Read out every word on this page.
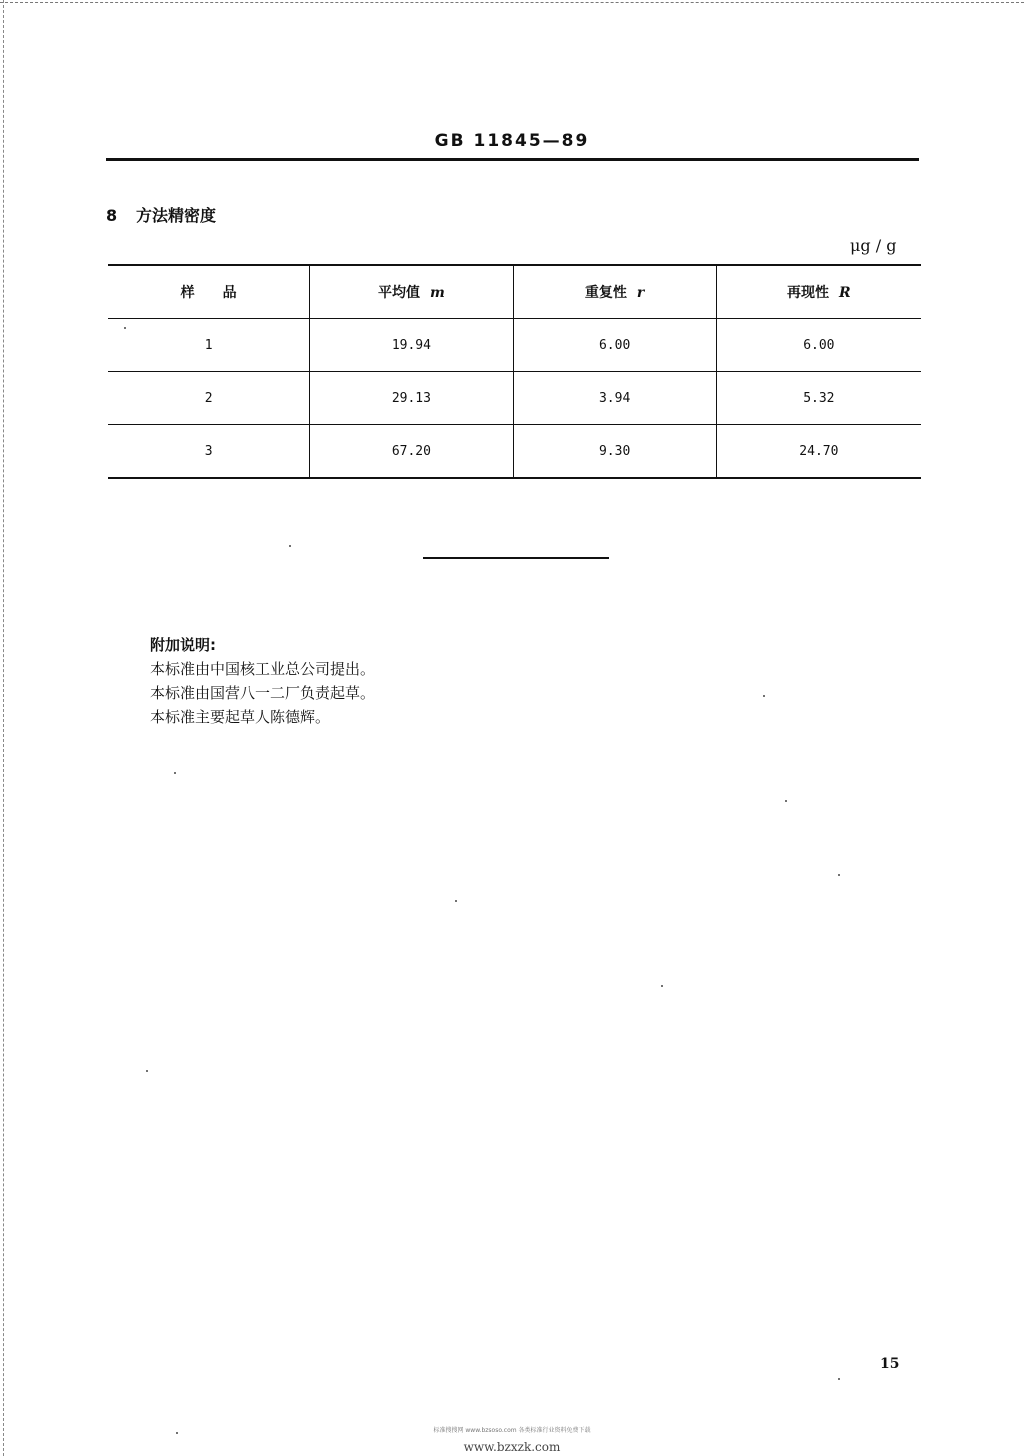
GB 11845—89
8 方法精密度
μg / g
样　　品	平均值 m	重复性 r	再现性 R
1	19.94	6.00	6.00
2	29.13	3.94	5.32
3	67.20	9.30	24.70
附加说明:
本标准由中国核工业总公司提出。
本标准由国营八一二厂负责起草。
本标准主要起草人陈德辉。
15
标准搜搜网 www.bzsoso.com 各类标准行业资料免费下载
www.bzxzk.com
